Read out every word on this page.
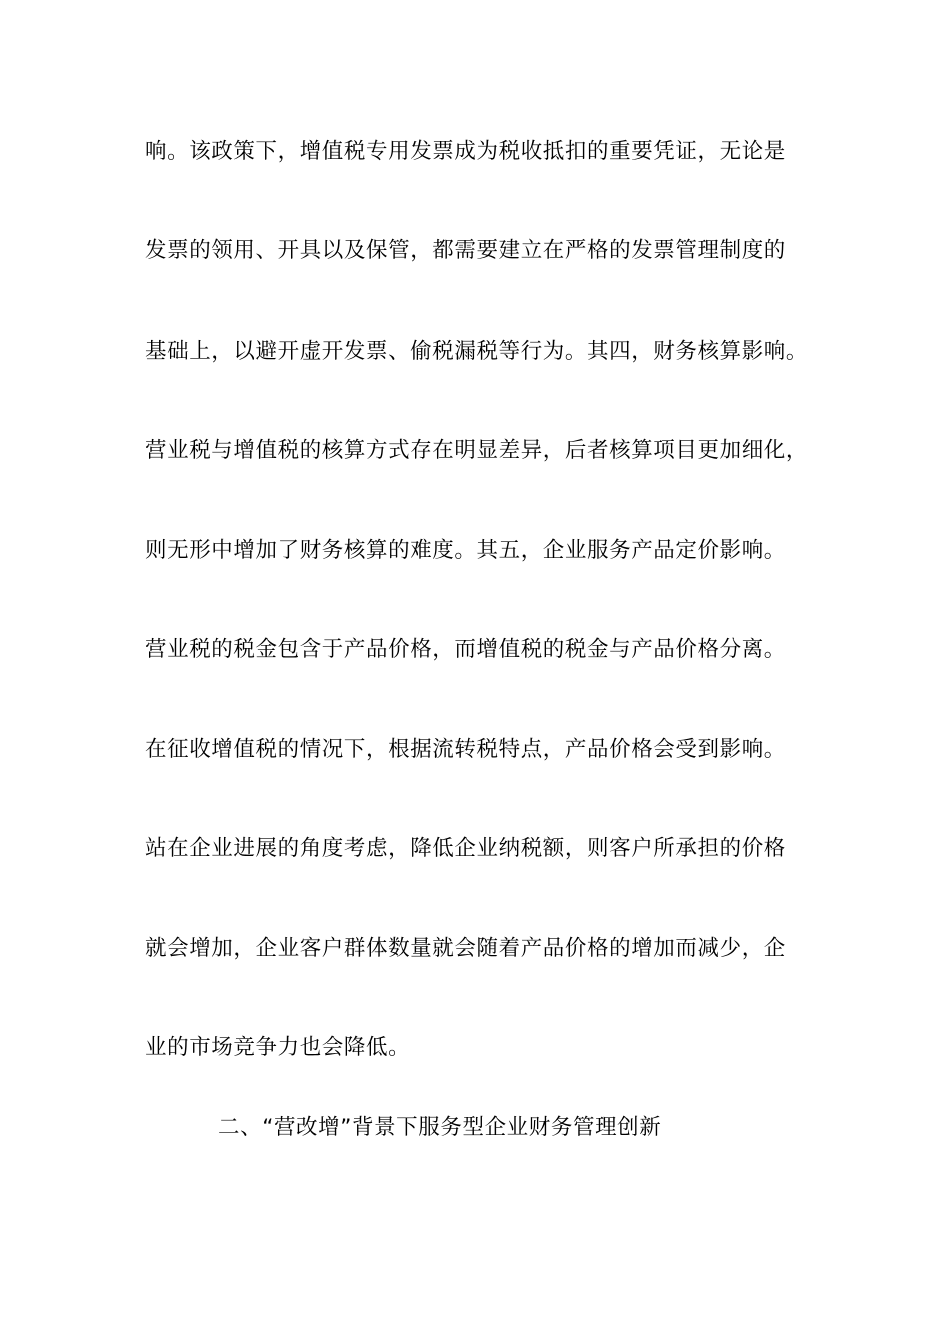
响。该政策下，增值税专用发票成为税收抵扣的重要凭证，无论是
发票的领用、开具以及保管，都需要建立在严格的发票管理制度的
基础上，以避开虚开发票、偷税漏税等行为。其四，财务核算影响。
营业税与增值税的核算方式存在明显差异，后者核算项目更加细化，
则无形中增加了财务核算的难度。其五，企业服务产品定价影响。
营业税的税金包含于产品价格，而增值税的税金与产品价格分离。
在征收增值税的情况下，根据流转税特点，产品价格会受到影响。
站在企业进展的角度考虑，降低企业纳税额，则客户所承担的价格
就会增加，企业客户群体数量就会随着产品价格的增加而减少，企
业的市场竞争力也会降低。
二、“营改增”背景下服务型企业财务管理创新
